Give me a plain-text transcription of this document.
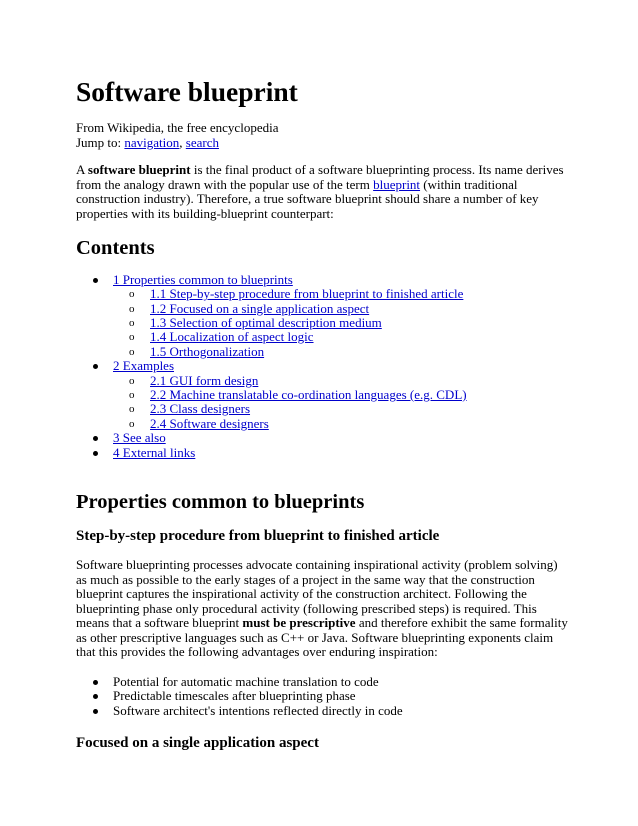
Software blueprint
From Wikipedia, the free encyclopedia
Jump to: navigation, search

A software blueprint is the final product of a software blueprinting process. Its name derives from the analogy drawn with the popular use of the term blueprint (within traditional construction industry). Therefore, a true software blueprint should share a number of key properties with its building-blueprint counterpart:

Contents
1 Properties common to blueprints
o 1.1 Step-by-step procedure from blueprint to finished article
o 1.2 Focused on a single application aspect
o 1.3 Selection of optimal description medium
o 1.4 Localization of aspect logic
o 1.5 Orthogonalization
2 Examples
o 2.1 GUI form design
o 2.2 Machine translatable co-ordination languages (e.g. CDL)
o 2.3 Class designers
o 2.4 Software designers
3 See also
4 External links
Properties common to blueprints
Step-by-step procedure from blueprint to finished article

Software blueprinting processes advocate containing inspirational activity (problem solving) as much as possible to the early stages of a project in the same way that the construction blueprint captures the inspirational activity of the construction architect. Following the blueprinting phase only procedural activity (following prescribed steps) is required. This means that a software blueprint must be prescriptive and therefore exhibit the same formality as other prescriptive languages such as C++ or Java. Software blueprinting exponents claim that this provides the following advantages over enduring inspiration:

Potential for automatic machine translation to code
Predictable timescales after blueprinting phase
Software architect's intentions reflected directly in code
Focused on a single application aspect
